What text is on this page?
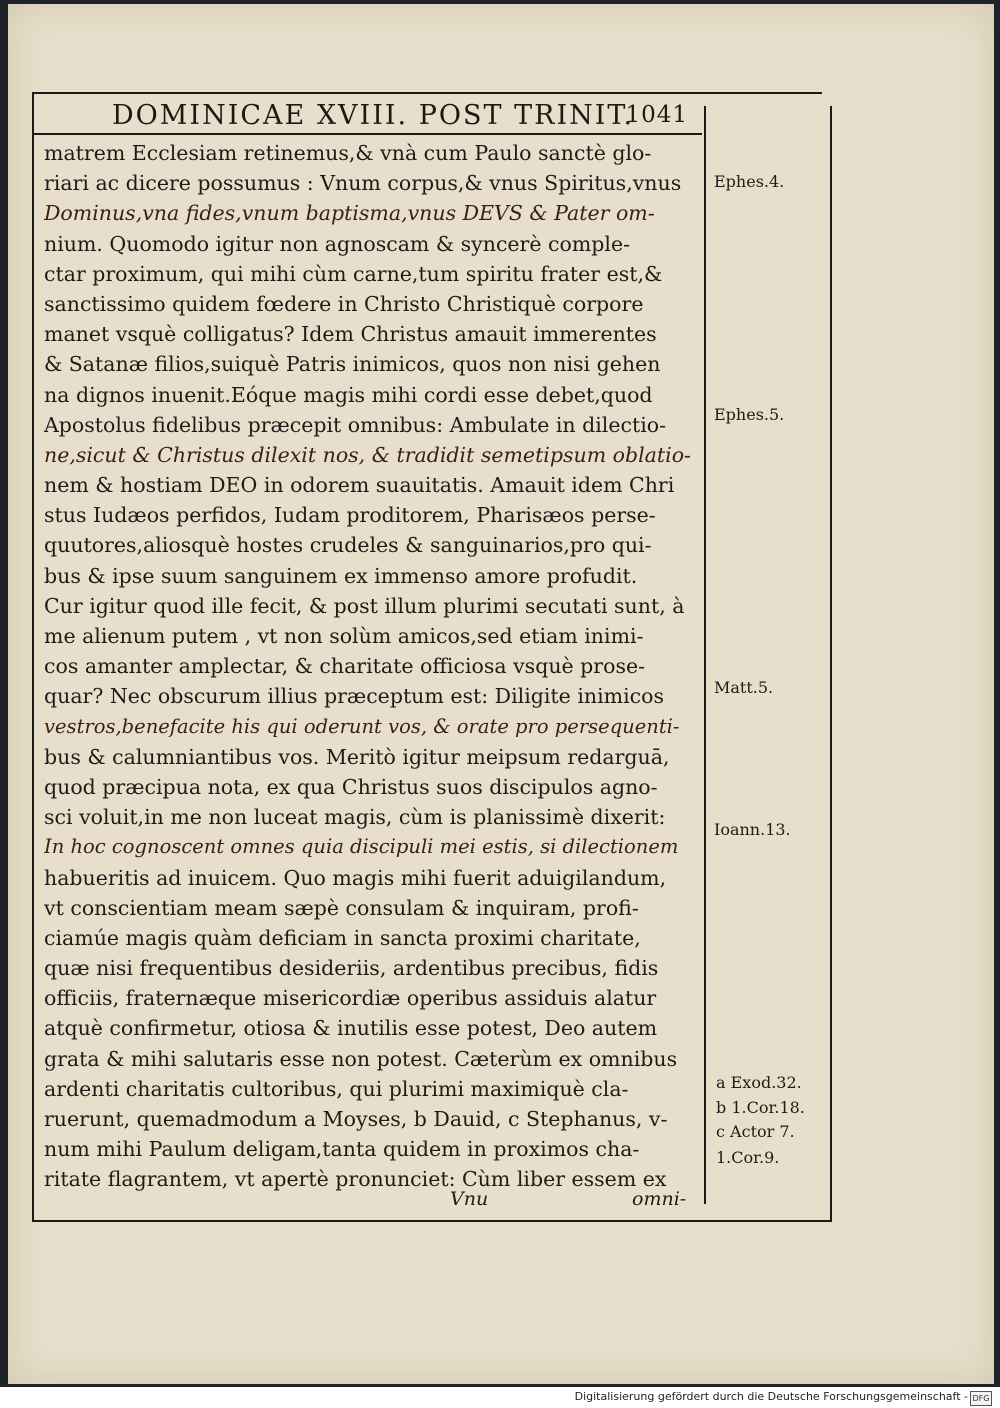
DOMINICAE XVIII. POST TRINIT.
1041
matrem Ecclesiam retinemus,& vnà cum Paulo sanctè glo-
riari ac dicere possumus : Vnum corpus,& vnus Spiritus,vnus
Dominus,vna fides,vnum baptisma,vnus DEVS & Pater om-
nium. Quomodo igitur non agnoscam & syncerè comple-
ctar proximum, qui mihi cùm carne,tum spiritu frater est,&
sanctissimo quidem fœdere in Christo Christiquè corpore
manet vsquè colligatus? Idem Christus amauit immerentes
& Satanæ filios,suiquè Patris inimicos, quos non nisi gehen
na dignos inuenit.Eóque magis mihi cordi esse debet,quod
Apostolus fidelibus præcepit omnibus: Ambulate in dilectio-
ne,sicut & Christus dilexit nos, & tradidit semetipsum oblatio-
nem & hostiam DEO in odorem suauitatis. Amauit idem Chri
stus Iudæos perfidos, Iudam proditorem, Pharisæos perse-
quutores,aliosquè hostes crudeles & sanguinarios,pro qui-
bus & ipse suum sanguinem ex immenso amore profudit.
Cur igitur quod ille fecit, & post illum plurimi secutati sunt, à
me alienum putem , vt non solùm amicos,sed etiam inimi-
cos amanter amplectar, & charitate officiosa vsquè prose-
quar? Nec obscurum illius præceptum est: Diligite inimicos
vestros,benefacite his qui oderunt vos, & orate pro persequenti-
bus & calumniantibus vos. Meritò igitur meipsum redarguā,
quod præcipua nota, ex qua Christus suos discipulos agno-
sci voluit,in me non luceat magis, cùm is planissimè dixerit:
In hoc cognoscent omnes quia discipuli mei estis, si dilectionem
habueritis ad inuicem. Quo magis mihi fuerit aduigilandum,
vt conscientiam meam sæpè consulam & inquiram, profi-
ciamúe magis quàm deficiam in sancta proximi charitate,
quæ nisi frequentibus desideriis, ardentibus precibus, fidis
officiis, fraternæque misericordiæ operibus assiduis alatur
atquè confirmetur, otiosa & inutilis esse potest, Deo autem
grata & mihi salutaris esse non potest. Cæterùm ex omnibus
ardenti charitatis cultoribus, qui plurimi maximiquè cla-
ruerunt, quemadmodum a Moyses, b Dauid, c Stephanus, v-
num mihi Paulum deligam,tanta quidem in proximos cha-
ritate flagrantem, vt apertè pronunciet: Cùm liber essem ex
Ephes.4.
Ephes.5.
Matt.5.
Ioann.13.
a Exod.32.
b 1.Cor.18.
c Actor 7.
1.Cor.9.
Vnu	omni-
Digitalisierung gefördert durch die Deutsche Forschungsgemeinschaft - DFG
